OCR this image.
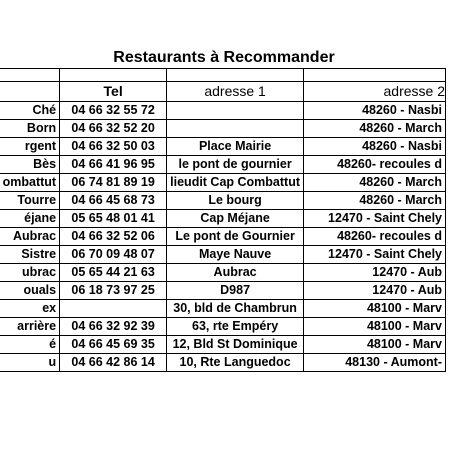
Restaurants à Recommander

	Tel	adresse 1	adresse 2
Ché	04 66 32 55 72		48260 - Nasbi
Born	04 66 32 52 20		48260 - March
rgent	04 66 32 50 03	Place Mairie	48260 - Nasbi
Bès	04 66 41 96 95	le pont de gournier	48260- recoules d
ombattut	06 74 81 89 19	lieudit Cap Combattut	48260 - March
Tourre	04 66 45 68 73	Le bourg	48260 - March
éjane	05 65 48 01 41	Cap Méjane	12470 - Saint Chely
Aubrac	04 66 32 52 06	Le pont de Gournier	48260- recoules d
Sistre	06 70 09 48 07	Maye Nauve	12470 - Saint Chely
ubrac	05 65 44 21 63	Aubrac	12470 - Aub
ouals	06 18 73 97 25	D987	12470 - Aub
ex		30, bld de Chambrun	48100 - Marv
arrière	04 66 32 92 39	63, rte Empéry	48100 - Marv
é	04 66 45 69 35	12, Bld St Dominique	48100 - Marv
u	04 66 42 86 14	10, Rte Languedoc	48130 - Aumont-
